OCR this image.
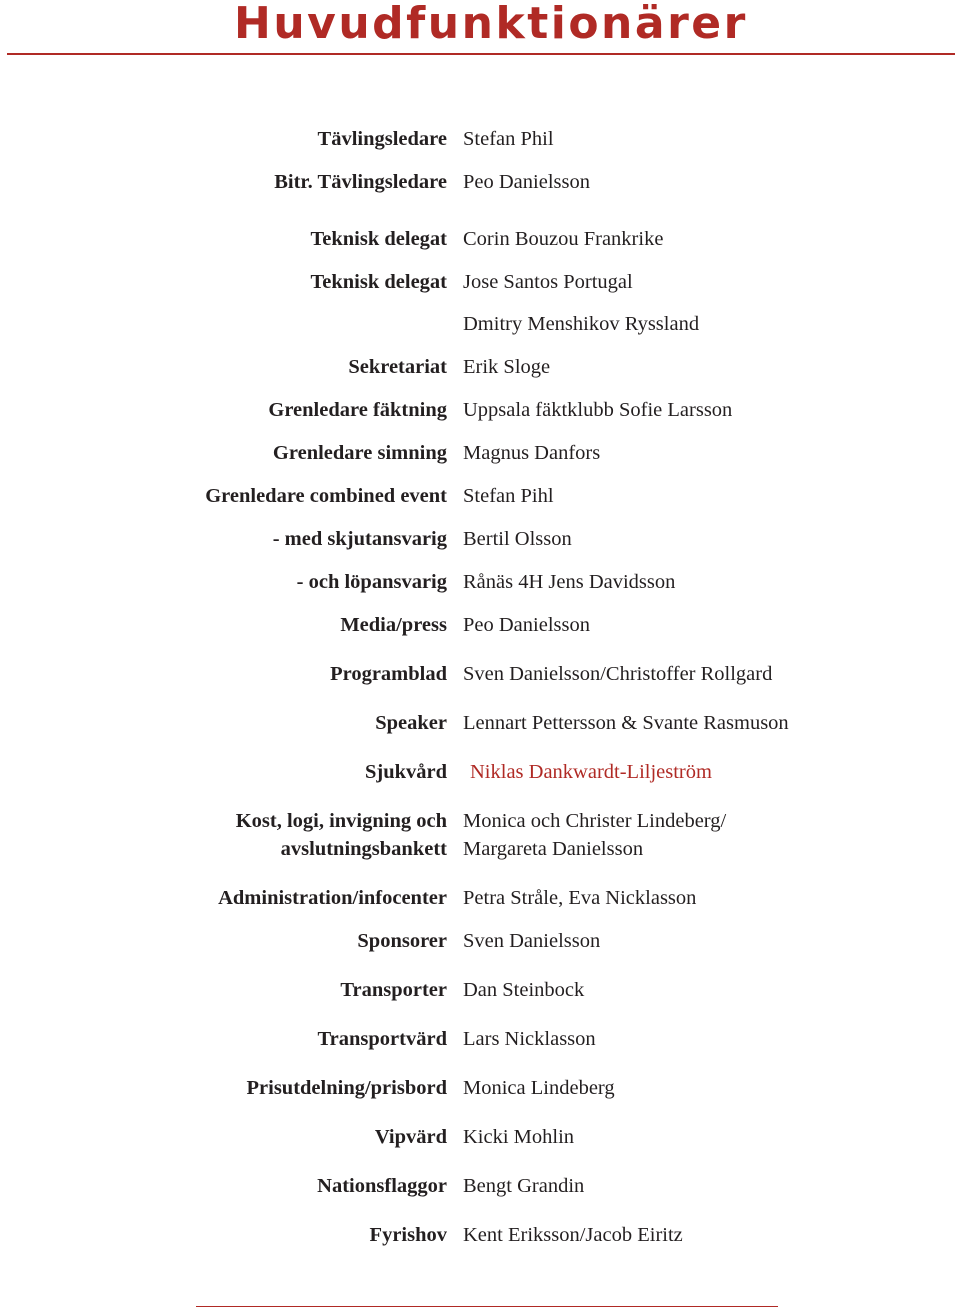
Huvudfunktionärer
Tävlingsledare Stefan Phil
Bitr. Tävlingsledare Peo Danielsson
Teknisk delegat Corin Bouzou Frankrike
Teknisk delegat Jose Santos Portugal
Dmitry Menshikov Ryssland
Sekretariat Erik Sloge
Grenledare fäktning Uppsala fäktklubb Sofie Larsson
Grenledare simning Magnus Danfors
Grenledare combined event Stefan Pihl
- med skjutansvarig Bertil Olsson
- och löpansvarig Rånäs 4H Jens Davidsson
Media/press Peo Danielsson
Programblad Sven Danielsson/Christoffer Rollgard
Speaker Lennart Pettersson & Svante Rasmuson
Sjukvård Niklas Dankwardt-Liljeström
Kost, logi, invigning och Monica och Christer Lindeberg/
avslutningsbankett Margareta Danielsson
Administration/infocenter Petra Stråle, Eva Nicklasson
Sponsorer Sven Danielsson
Transporter Dan Steinbock
Transportvärd Lars Nicklasson
Prisutdelning/prisbord Monica Lindeberg
Vipvärd Kicki Mohlin
Nationsflaggor Bengt Grandin
Fyrishov Kent Eriksson/Jacob Eiritz
